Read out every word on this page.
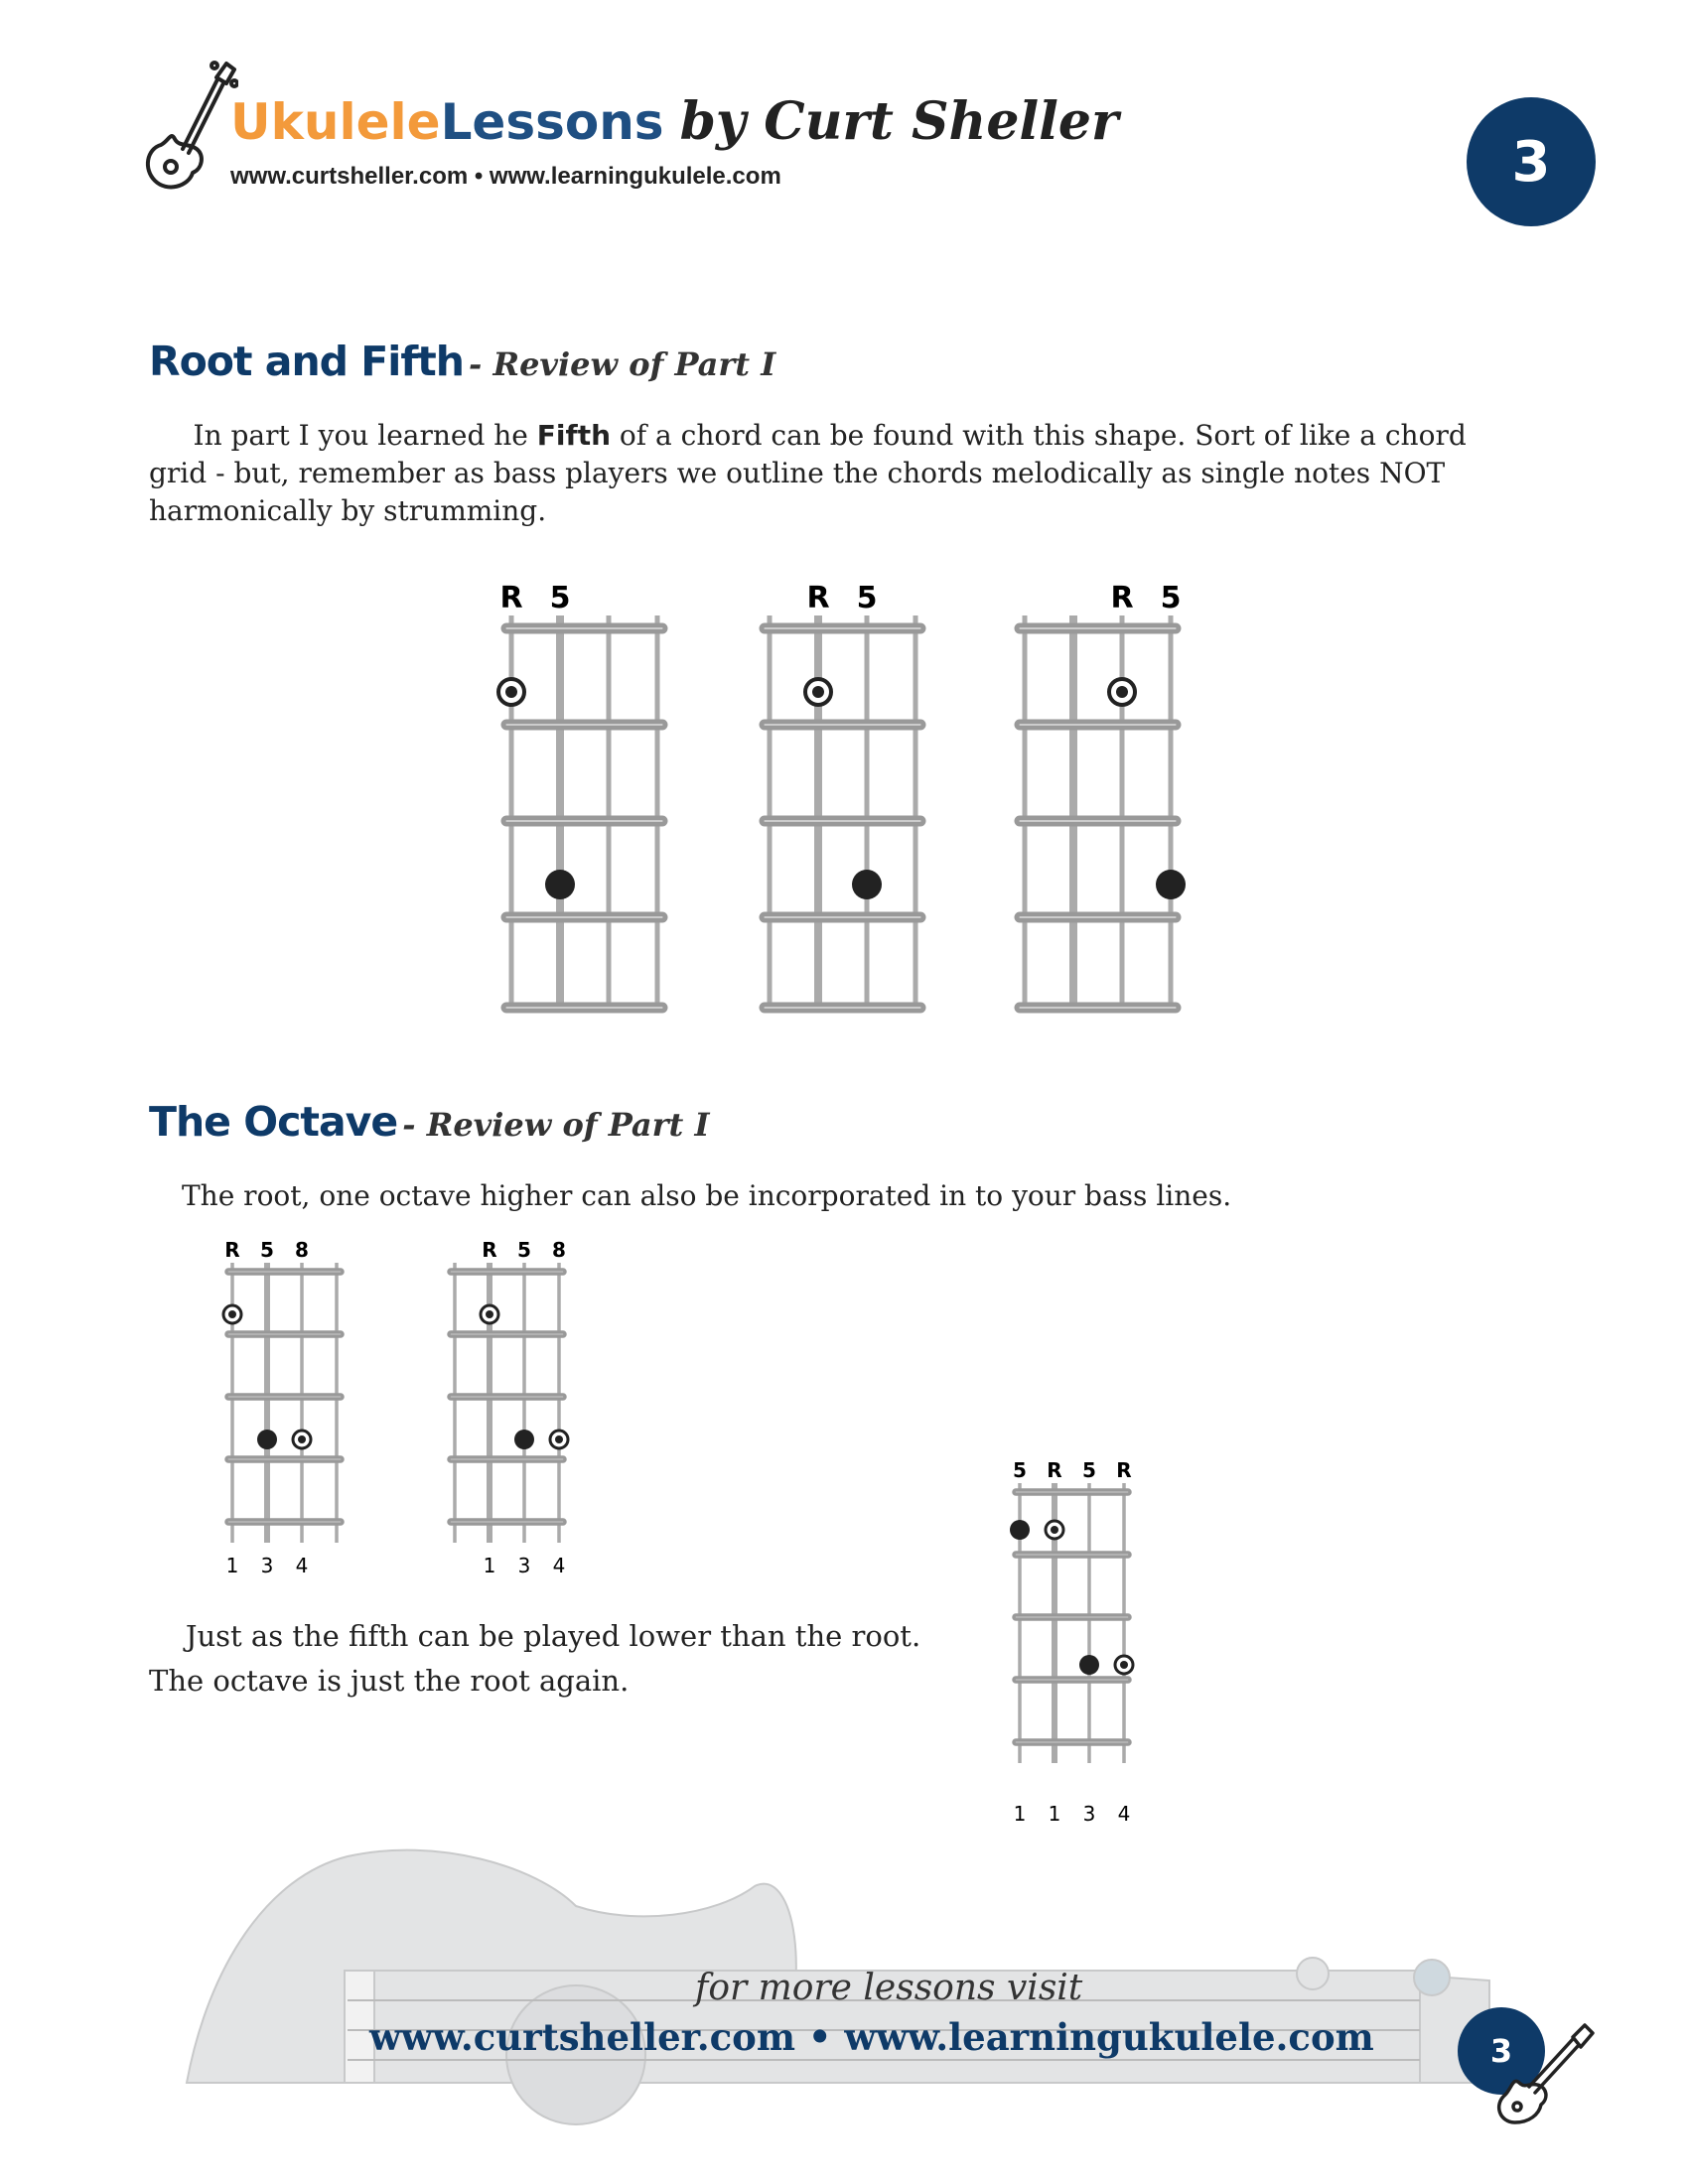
UkuleleLessons by Curt Sheller
www.curtsheller.com • www.learningukulele.com	3
Root and Fifth - Review of Part I
In part I you learned he Fifth of a chord can be found with this shape. Sort of like a chord grid - but, remember as bass players we outline the chords melodically as single notes NOT harmonically by strumming.
R 5	R 5	R 5
R 5 8
1 3 4
R 5 8
1 3 4
5 R 5 R
1 1 3 4
The Octave - Review of Part I
The root, one octave higher can also be incorporated in to your bass lines.
Just as the fifth can be played lower than the root. The octave is just the root again.
for more lessons visit
www.curtsheller.com • www.learningukulele.com	3
